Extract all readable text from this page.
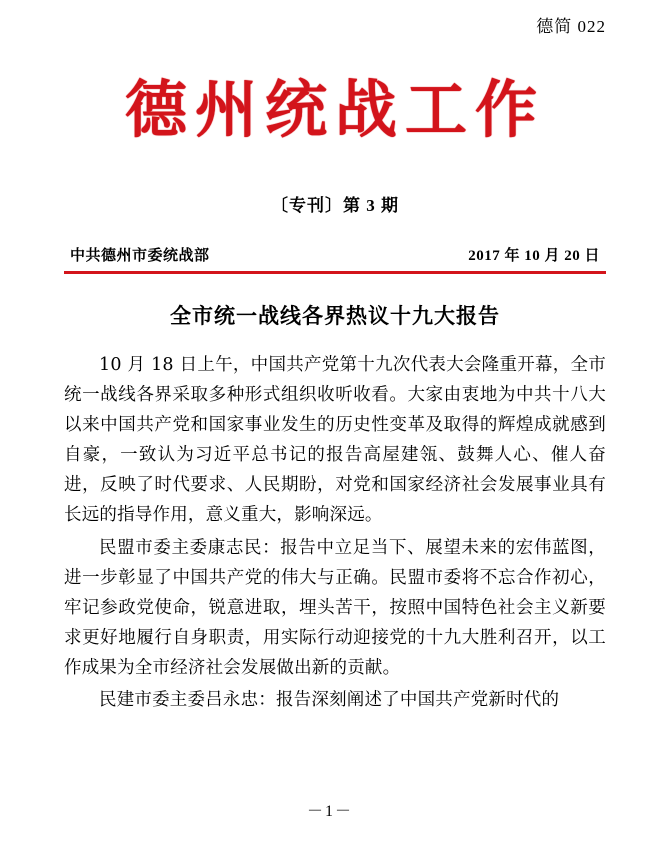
德简 022
德州统战工作
〔专刊〕第 3 期
中共德州市委统战部	2017 年 10 月 20 日
全市统一战线各界热议十九大报告

10 月 18 日上午，中国共产党第十九次代表大会隆重开幕，全市统一战线各界采取多种形式组织收听收看。大家由衷地为中共十八大以来中国共产党和国家事业发生的历史性变革及取得的辉煌成就感到自豪，一致认为习近平总书记的报告高屋建瓴、鼓舞人心、催人奋进，反映了时代要求、人民期盼，对党和国家经济社会发展事业具有长远的指导作用，意义重大，影响深远。

民盟市委主委康志民：报告中立足当下、展望未来的宏伟蓝图，进一步彰显了中国共产党的伟大与正确。民盟市委将不忘合作初心，牢记参政党使命，锐意进取，埋头苦干，按照中国特色社会主义新要求更好地履行自身职责，用实际行动迎接党的十九大胜利召开，以工作成果为全市经济社会发展做出新的贡献。

民建市委主委吕永忠：报告深刻阐述了中国共产党新时代的

－1－
